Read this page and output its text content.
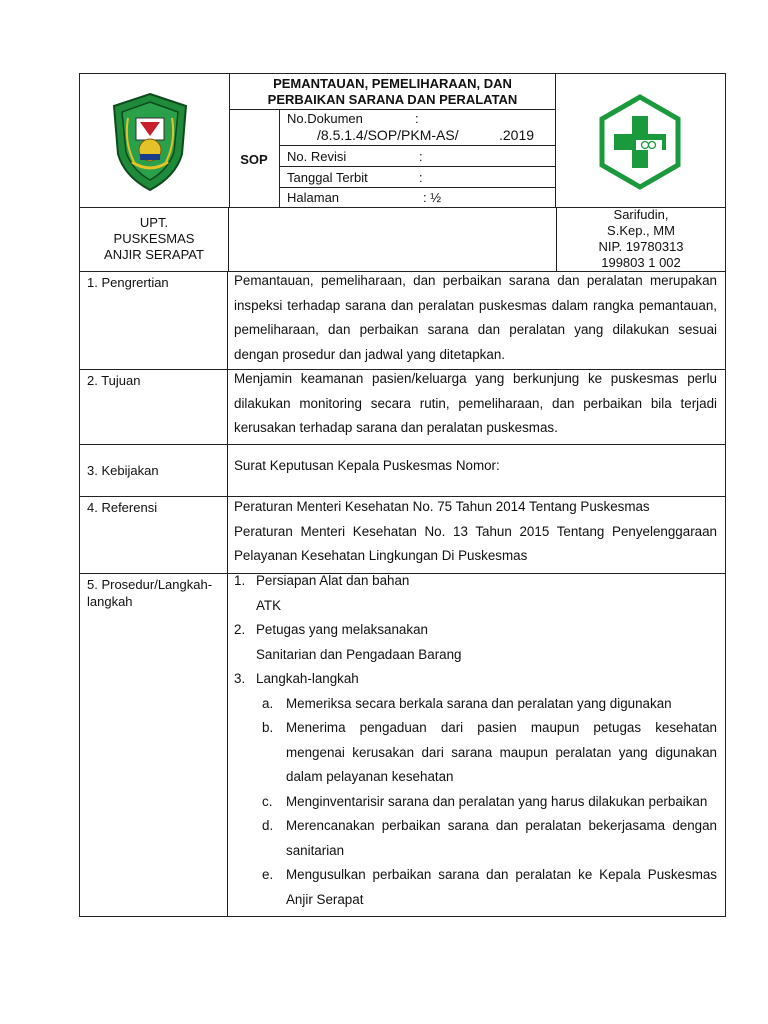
PEMANTAUAN, PEMELIHARAAN, DAN
PERBAIKAN SARANA DAN PERALATAN
SOP
No.Dokumen	:
/8.5.1.4/SOP/PKM-AS/	.2019
No. Revisi	:
Tanggal Terbit	:
Halaman	: ½
UPT.
PUSKESMAS
ANJIR SERAPAT
Sarifudin,
S.Kep., MM
NIP. 19780313
199803 1 002
1. Pengrertian	Pemantauan, pemeliharaan, dan perbaikan sarana dan peralatan merupakan inspeksi terhadap sarana dan peralatan puskesmas dalam rangka pemantauan, pemeliharaan, dan perbaikan sarana dan peralatan yang dilakukan sesuai dengan prosedur dan jadwal yang ditetapkan.

2. Tujuan	Menjamin keamanan pasien/keluarga yang berkunjung ke puskesmas perlu dilakukan monitoring secara rutin, pemeliharaan, dan perbaikan bila terjadi kerusakan terhadap sarana dan peralatan puskesmas.

3. Kebijakan	Surat Keputusan Kepala Puskesmas Nomor:

4. Referensi	Peraturan Menteri Kesehatan No. 75 Tahun 2014 Tentang Puskesmas

Peraturan Menteri Kesehatan No. 13 Tahun 2015 Tentang Penyelenggaraan Pelayanan Kesehatan Lingkungan Di Puskesmas

5. Prosedur/Langkah-
langkah
1. Persiapan Alat dan bahan
ATK
2. Petugas yang melaksanakan
Sanitarian dan Pengadaan Barang
3. Langkah-langkah
a. Memeriksa secara berkala sarana dan peralatan yang digunakan
b. Menerima pengaduan dari pasien maupun petugas kesehatan mengenai kerusakan dari sarana maupun peralatan yang digunakan dalam pelayanan kesehatan
c. Menginventarisir sarana dan peralatan yang harus dilakukan perbaikan
d. Merencanakan perbaikan sarana dan peralatan bekerjasama dengan sanitarian
e. Mengusulkan perbaikan sarana dan peralatan ke Kepala Puskesmas Anjir Serapat
